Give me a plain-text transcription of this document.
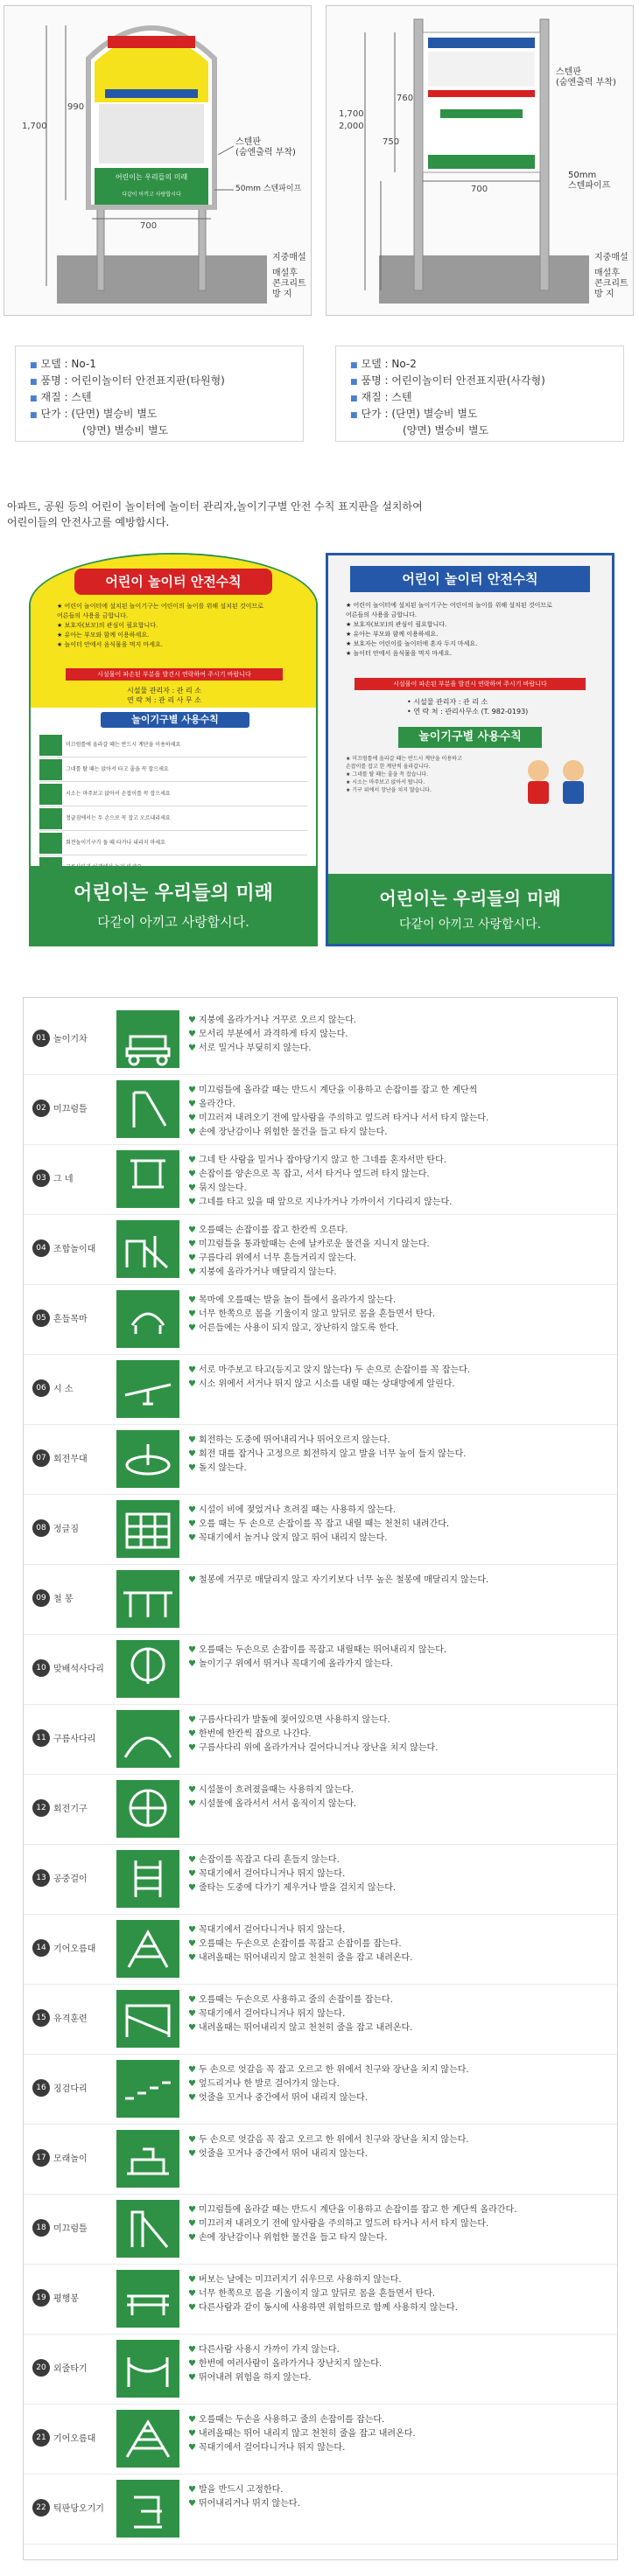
어린이는 우리들의 미래
다같이 아끼고 사랑합시다
990
1,700
700
스텐판
(숨엔출력 부착)
50mm 스텐파이프
지중매설
매설후
콘크리트
방 지
760
750
1,700
2,000
700
스텐판
(숨엔출력 부착)
50mm
스텐파이프
지중매설
매설후
콘크리트
방 지
■ 모델 : No-1
■ 품명 : 어린이놀이터 안전표지판(타원형)
■ 재질 : 스텐
■ 단가 : (단면) 별승비 별도
(양면) 별승비 별도
■ 모델 : No-2
■ 품명 : 어린이놀이터 안전표지판(사각형)
■ 재질 : 스텐
■ 단가 : (단면) 별승비 별도
(양면) 별승비 별도
아파트, 공원 등의 어린이 놀이터에 놀이터 관리자,놀이기구별 안전 수칙 표지판을 설치하여
어린이들의 안전사고를 예방합시다.
어린이 놀이터 안전수칙
★ 어린이 놀이터에 설치된 놀이기구는 어린이의 놀이를 위해 설치된 것이므로
어른들의 사용을 금합니다.
★ 보호자(보모)의 관심이 필요합니다.
★ 유아는 부모와 함께 이용하세요.
★ 놀이터 안에서 음식물을 먹지 마세요.
시설물이 파손된 부분을 발견시 연락하여 주시기 바랍니다
시설물 관리자 : 관 리 소
연 락 처 : 관 리 사 무 소
놀이기구별 사용수칙
미끄럼틀에 올라갈 때는 반드시 계단을 이용하세요
그네를 탈 때는 앉아서 타고 줄을 꼭 잡으세요
시소는 마주보고 앉아서 손잡이를 꼭 잡으세요
정글짐에서는 두 손으로 꼭 잡고 오르내리세요
회전놀이기구가 돌 때 타거나 내리지 마세요
어린이는 우리들의 미래
다같이 아끼고 사랑합시다.
어린이 놀이터 안전수칙
★ 어린이 놀이터에 설치된 놀이기구는 어린이의 놀이를 위해 설치된 것이므로
어른들의 사용을 금합니다.
★ 보호자(보모)의 관심이 필요합니다.
★ 유아는 부모와 함께 이용하세요.
★ 보호자는 어린이를 놀이터에 혼자 두지 마세요.
★ 놀이터 안에서 음식물을 먹지 마세요.
시설물이 파손된 부분을 발견시 연락하여 주시기 바랍니다
• 시설물 관리자 : 관 리 소
• 연 락 처 : 관리사무소 (T. 982-0193)
놀이기구별 사용수칙
★ 미끄럼틀에 올라갈 때는 반드시 계단을 이용하고
손잡이를 잡고 한 계단씩 올라갑니다.
★ 그네를 탈 때는 줄을 꼭 잡습니다.
★ 시소는 마주보고 앉아서 탑니다.
★ 기구 위에서 장난을 치지 않습니다.
어린이는 우리들의 미래
다같이 아끼고 사랑합시다.
01 놀이기차
♥ 지붕에 올라가거나 거꾸로 오르지 않는다.
♥ 모서리 부분에서 과격하게 타지 않는다.
♥ 서로 밀거나 부딪히지 않는다.
02 미끄럼틀
♥ 미끄럼틀에 올라갈 때는 반드시 계단을 이용하고 손잡이를 잡고 한 계단씩
♥ 올라간다.
♥ 미끄러져 내려오기 전에 앞사람을 주의하고 엎드려 타거나 서서 타지 않는다.
♥ 손에 장난감이나 위험한 물건을 들고 타지 않는다.
03 그 네
♥ 그네 탄 사람을 밀거나 잡아당기지 않고 한 그네를 혼자서만 탄다.
♥ 손잡이를 양손으로 꼭 잡고, 서서 타거나 엎드려 타지 않는다.
♥ 묶지 않는다.
♥ 그네를 타고 있을 때 앞으로 지나가거나 가까이서 기다리지 않는다.
04 조합놀이대
♥ 오를때는 손잡이를 잡고 한칸씩 오른다.
♥ 미끄럼틀을 통과할때는 손에 날카로운 물건을 지니지 않는다.
♥ 구름다리 위에서 너무 흔들거리지 않는다.
♥ 지붕에 올라가거나 매달리지 않는다.
05 흔들목마
♥ 목마에 오를때는 발을 놀이 틀에서 올라가지 않는다.
♥ 너무 한쪽으로 몸을 기울이지 않고 앞뒤로 몸을 흔들면서 탄다.
♥ 어른들에는 사용이 되지 않고, 장난하지 않도록 한다.
06 시 소
♥ 서로 마주보고 타고(등지고 앉지 않는다) 두 손으로 손잡이를 꼭 잡는다.
♥ 시소 위에서 서거나 뛰지 않고 시소를 내릴 때는 상대방에게 알린다.
07 회전무대
♥ 회전하는 도중에 뛰어내리거나 뛰어오르지 않는다.
♥ 회전 대를 잡거나 고정으로 회전하지 않고 발을 너무 높이 들지 않는다.
♥ 돌지 않는다.
08 정글짐
♥ 시설이 비에 젖었거나 흐려질 때는 사용하지 않는다.
♥ 오를 때는 두 손으로 손잡이를 꼭 잡고 내릴 때는 천천히 내려간다.
♥ 꼭대기에서 놀거나 앉지 않고 뛰어 내리지 않는다.
09 철 봉
♥ 철봉에 거꾸로 매달리지 않고 자기키보다 너무 높은 철봉에 매달리지 않는다.
10 맞배석사다리
♥ 오를때는 두손으로 손잡이를 꼭잡고 내릴때는 뛰어내리지 않는다.
♥ 놀이기구 위에서 뛰거나 꼭대기에 올라가지 않는다.
11 구름사다리
♥ 구름사다리가 발돌에 젖어있으면 사용하지 않는다.
♥ 한번에 한칸씩 잡으로 나간다.
♥ 구름사다리 위에 올라가거나 걸어다니거나 장난을 치지 않는다.
12 회전기구
♥ 시설물이 흐려졌을때는 사용하지 않는다.
♥ 시설물에 올라서서 서서 움직이지 않는다.
13 공중걸이
♥ 손잡이를 꼭잡고 다리 흔들지 않는다.
♥ 꼭대기에서 걸어다니거나 뛰지 않는다.
♥ 줄타는 도중에 다가기 제우거나 발을 걸치지 않는다.
14 기어오름대
♥ 꼭대기에서 걸어다니거나 뛰지 않는다.
♥ 오를때는 두손으로 손잡이를 꼭잡고 손잡이를 잡는다.
♥ 내려올때는 뛰어내리지 않고 천천히 줄을 잡고 내려온다.
15 유격훈련
♥ 오를때는 두손으로 사용하고 줄의 손잡이를 잡는다.
♥ 꼭대기에서 걸어다니거나 뛰지 않는다.
♥ 내려올때는 뛰어내리지 않고 천천히 줄을 잡고 내려온다.
16 징검다리
♥ 두 손으로 엇갈음 꼭 잡고 오르고 한 위에서 친구와 장난을 치지 않는다.
♥ 엎드리거나 한 발로 걸어가지 않는다.
♥ 엇줄을 꼬거나 중간에서 뛰어 내리지 않는다.
17 모래놀이
♥ 두 손으로 엇갈음 꼭 잡고 오르고 한 위에서 친구와 장난을 치지 않는다.
♥ 엇줄을 꼬거나 중간에서 뛰어 내리지 않는다.
18 미끄럼틀
♥ 미끄럼틀에 올라갈 때는 반드시 계단을 이용하고 손잡이를 잡고 한 계단씩 올라간다.
♥ 미끄러져 내려오기 전에 앞사람을 주의하고 엎드려 타거나 서서 타지 않는다.
♥ 손에 장난감이나 위험한 물건을 들고 타지 않는다.
19 평행봉
♥ 버보는 날에는 미끄러지기 쉬우므로 사용하지 않는다.
♥ 너무 한쪽으로 몸을 기울이지 않고 앞뒤로 몸을 흔들면서 탄다.
♥ 다른사람과 같이 동시에 사용하면 위험하므로 함께 사용하지 않는다.
20 외줄타기
♥ 다른사람 사용시 가까이 가지 않는다.
♥ 한번에 여러사람이 올라가거나 장난치지 않는다.
♥ 뛰어내려 위험을 하지 않는다.
21 기어오름대
♥ 오를때는 두손을 사용하고 줄의 손잡이를 잡는다.
♥ 내려올때는 뛰어 내리지 않고 천천히 줄을 잡고 내려온다.
♥ 꼭대기에서 걸어다니거나 뛰지 않는다.
22 틱판당오기기
♥ 발을 반드시 고정한다.
♥ 뛰어내리거나 뛰지 않는다.
